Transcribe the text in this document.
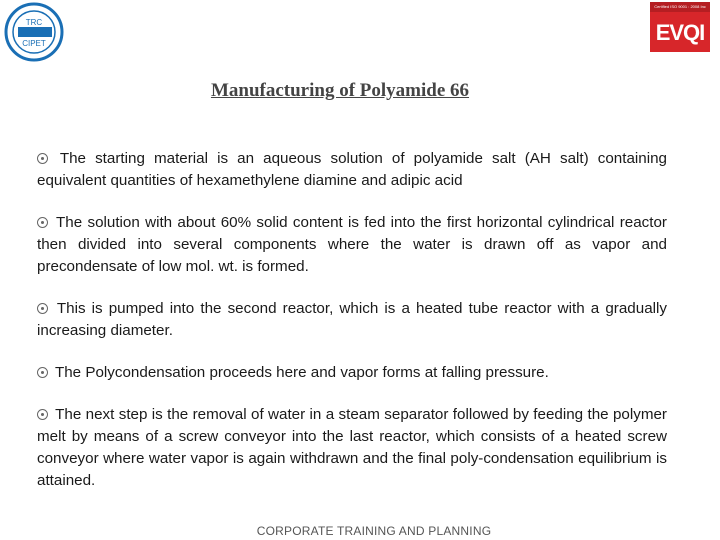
TRC
CIPET
Certified ISO 9001 : 2008 Inc
EVQI
Manufacturing of Polyamide 66

The starting material is an aqueous solution of polyamide salt (AH salt) containing equivalent quantities of hexamethylene diamine and adipic acid

The solution with about 60% solid content is fed into the first horizontal cylindrical reactor then divided into several components where the water is drawn off as vapor and precondensate of low mol. wt. is formed.

This is pumped into the second reactor, which is a heated tube reactor with a gradually increasing diameter.

The Polycondensation proceeds here and vapor forms at falling pressure.

The next step is the removal of water in a steam separator followed by feeding the polymer melt by means of a screw conveyor into the last reactor, which consists of a heated screw conveyor where water vapor is again withdrawn and the final poly-condensation equilibrium is attained.

CORPORATE TRAINING AND PLANNING
